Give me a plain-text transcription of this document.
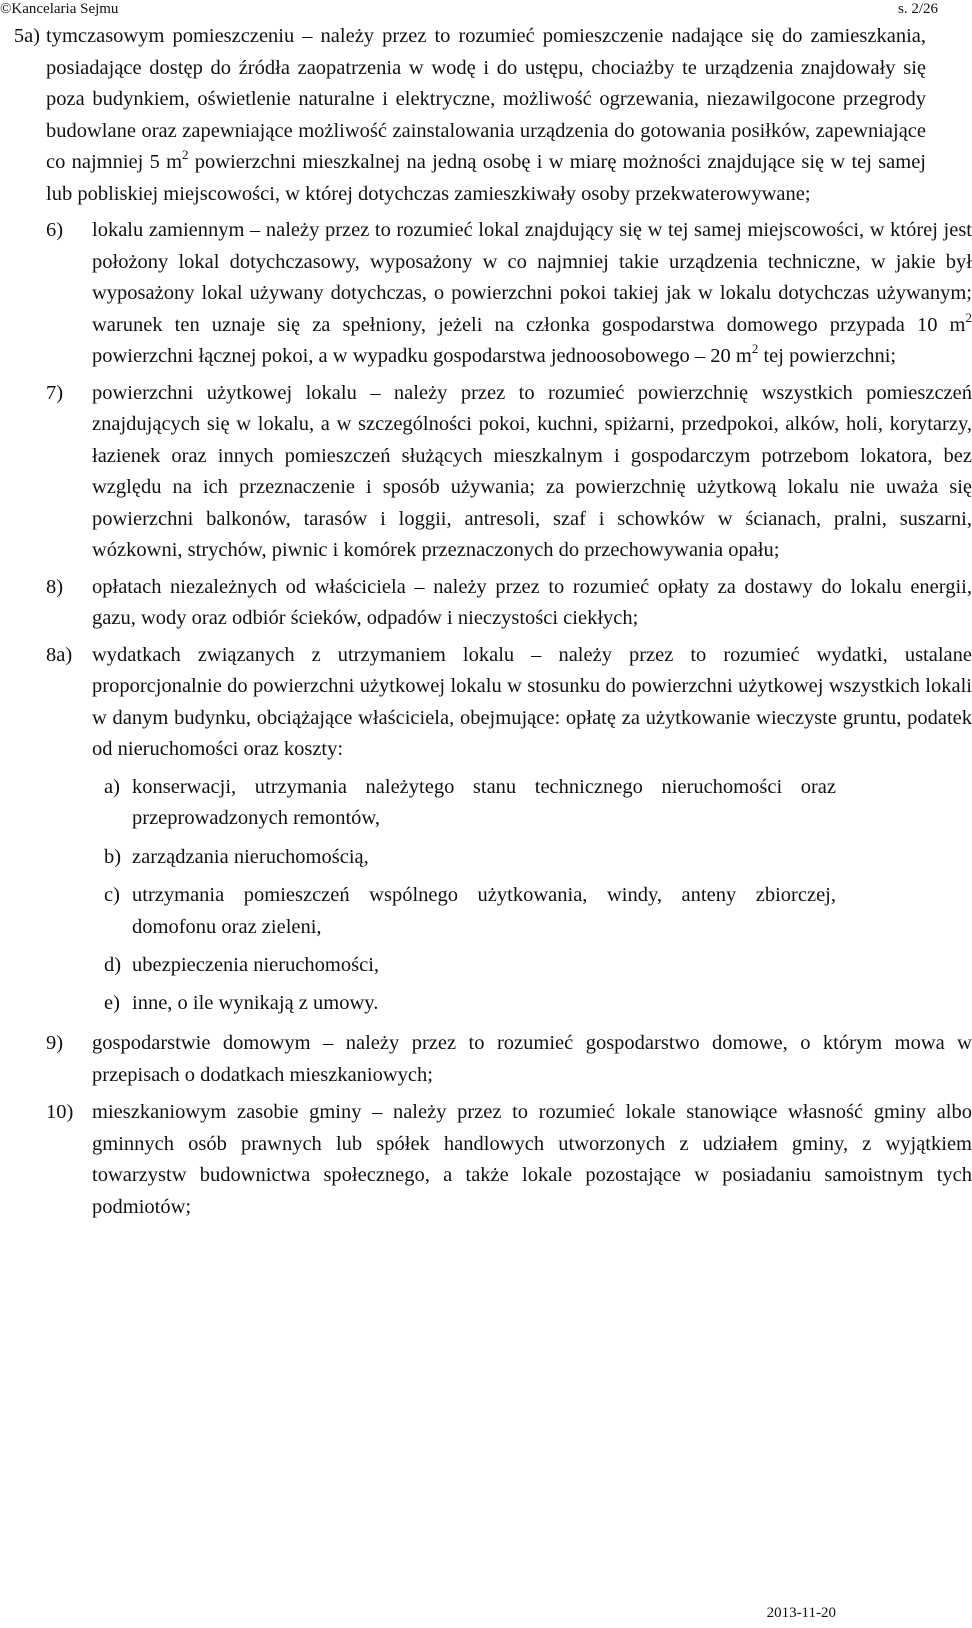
©Kancelaria Sejmu	s. 2/26
5a) tymczasowym pomieszczeniu – należy przez to rozumieć pomieszczenie nadające się do zamieszkania, posiadające dostęp do źródła zaopatrzenia w wodę i do ustępu, chociażby te urządzenia znajdowały się poza budynkiem, oświetlenie naturalne i elektryczne, możliwość ogrzewania, niezawilgocone przegrody budowlane oraz zapewniające możliwość zainstalowania urządzenia do gotowania posiłków, zapewniające co najmniej 5 $m^2$ powierzchni mieszkalnej na jedną osobę i w miarę możności znajdujące się w tej samej lub pobliskiej miejscowości, w której dotychczas zamieszkiwały osoby przekwaterowywane;
6)	lokalu zamiennym – należy przez to rozumieć lokal znajdujący się w tej samej miejscowości, w której jest położony lokal dotychczasowy, wyposażony w co najmniej takie urządzenia techniczne, w jakie był wyposażony lokal używany dotychczas, o powierzchni pokoi takiej jak w lokalu dotychczas używanym; warunek ten uznaje się za spełniony, jeżeli na członka gospodarstwa domowego przypada 10 $m^2$ powierzchni łącznej pokoi, a w wypadku gospodarstwa jednoosobowego – 20 $m^2$ tej powierzchni;
7)	powierzchni użytkowej lokalu – należy przez to rozumieć powierzchnię wszystkich pomieszczeń znajdujących się w lokalu, a w szczególności pokoi, kuchni, spiżarni, przedpokoi, alków, holi, korytarzy, łazienek oraz innych pomieszczeń służących mieszkalnym i gospodarczym potrzebom lokatora, bez względu na ich przeznaczenie i sposób używania; za powierzchnię użytkową lokalu nie uważa się powierzchni balkonów, tarasów i loggii, antresoli, szaf i schowków w ścianach, pralni, suszarni, wózkowni, strychów, piwnic i komórek przeznaczonych do przechowywania opału;
8)	opłatach niezależnych od właściciela – należy przez to rozumieć opłaty za dostawy do lokalu energii, gazu, wody oraz odbiór ścieków, odpadów i nieczystości ciekłych;
8a) wydatkach związanych z utrzymaniem lokalu – należy przez to rozumieć wydatki, ustalane proporcjonalnie do powierzchni użytkowej lokalu w stosunku do powierzchni użytkowej wszystkich lokali w danym budynku, obciążające właściciela, obejmujące: opłatę za użytkowanie wieczyste gruntu, podatek od nieruchomości oraz koszty:
a) konserwacji, utrzymania należytego stanu technicznego nieruchomości oraz przeprowadzonych remontów,
b) zarządzania nieruchomością,
c) utrzymania pomieszczeń wspólnego użytkowania, windy, anteny zbiorczej, domofonu oraz zieleni,
d) ubezpieczenia nieruchomości,
e) inne, o ile wynikają z umowy.
9)	gospodarstwie domowym – należy przez to rozumieć gospodarstwo domowe, o którym mowa w przepisach o dodatkach mieszkaniowych;
10) mieszkaniowym zasobie gminy – należy przez to rozumieć lokale stanowiące własność gminy albo gminnych osób prawnych lub spółek handlowych utworzonych z udziałem gminy, z wyjątkiem towarzystw budownictwa społecznego, a także lokale pozostające w posiadaniu samoistnym tych podmiotów;
2013-11-20
